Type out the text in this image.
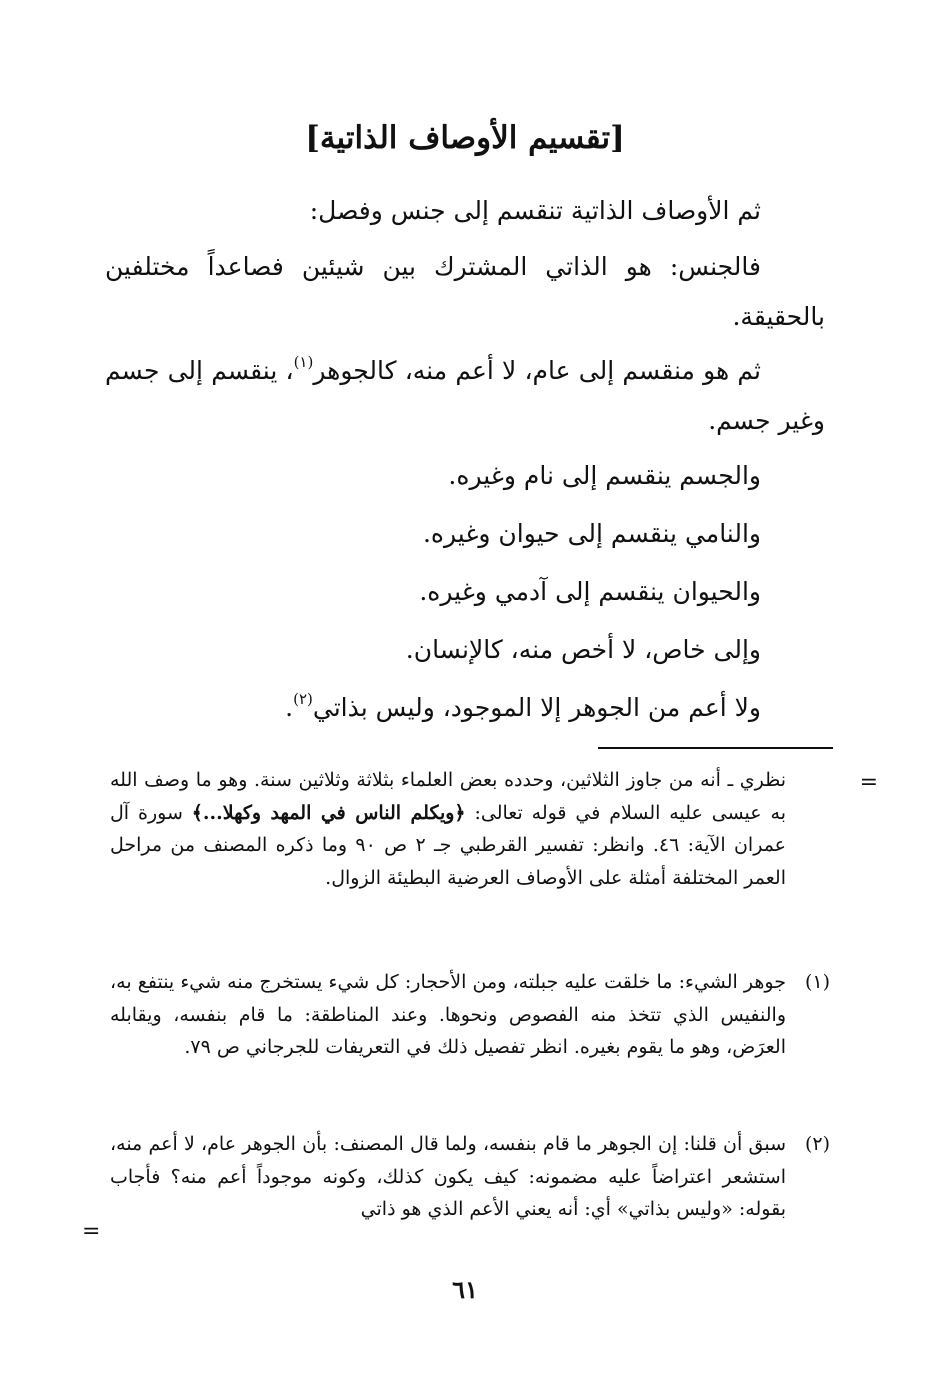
[تقسيم الأوصاف الذاتية]
ثم الأوصاف الذاتية تنقسم إلى جنس وفصل:
فالجنس: هو الذاتي المشترك بين شيئين فصاعداً مختلفين بالحقيقة.
ثم هو منقسم إلى عام، لا أعم منه، كالجوهر$^{(١)}$، ينقسم إلى جسم وغير جسم.
والجسم ينقسم إلى نام وغيره.
والنامي ينقسم إلى حيوان وغيره.
والحيوان ينقسم إلى آدمي وغيره.
وإلى خاص، لا أخص منه، كالإنسان.
ولا أعم من الجوهر إلا الموجود، وليس بذاتي$^{(٢)}$.
=
نظري ـ أنه من جاوز الثلاثين، وحدده بعض العلماء بثلاثة وثلاثين سنة. وهو ما وصف الله به عيسى عليه السلام في قوله تعالى: ﴿ويكلم الناس في المهد وكهلا...﴾ سورة آل عمران الآية: ٤٦. وانظر: تفسير القرطبي جـ ٢ ص ٩٠ وما ذكره المصنف من مراحل العمر المختلفة أمثلة على الأوصاف العرضية البطيئة الزوال.
(١)
جوهر الشيء: ما خلقت عليه جبلته، ومن الأحجار: كل شيء يستخرج منه شيء ينتفع به، والنفيس الذي تتخذ منه الفصوص ونحوها. وعند المناطقة: ما قام بنفسه، ويقابله العرَض، وهو ما يقوم بغيره. انظر تفصيل ذلك في التعريفات للجرجاني ص ٧٩.
(٢)
سبق أن قلنا: إن الجوهر ما قام بنفسه، ولما قال المصنف: بأن الجوهر عام، لا أعم منه، استشعر اعتراضاً عليه مضمونه: كيف يكون كذلك، وكونه موجوداً أعم منه؟ فأجاب بقوله: «وليس بذاتي» أي: أنه يعني الأعم الذي هو ذاتي
=
٦١
